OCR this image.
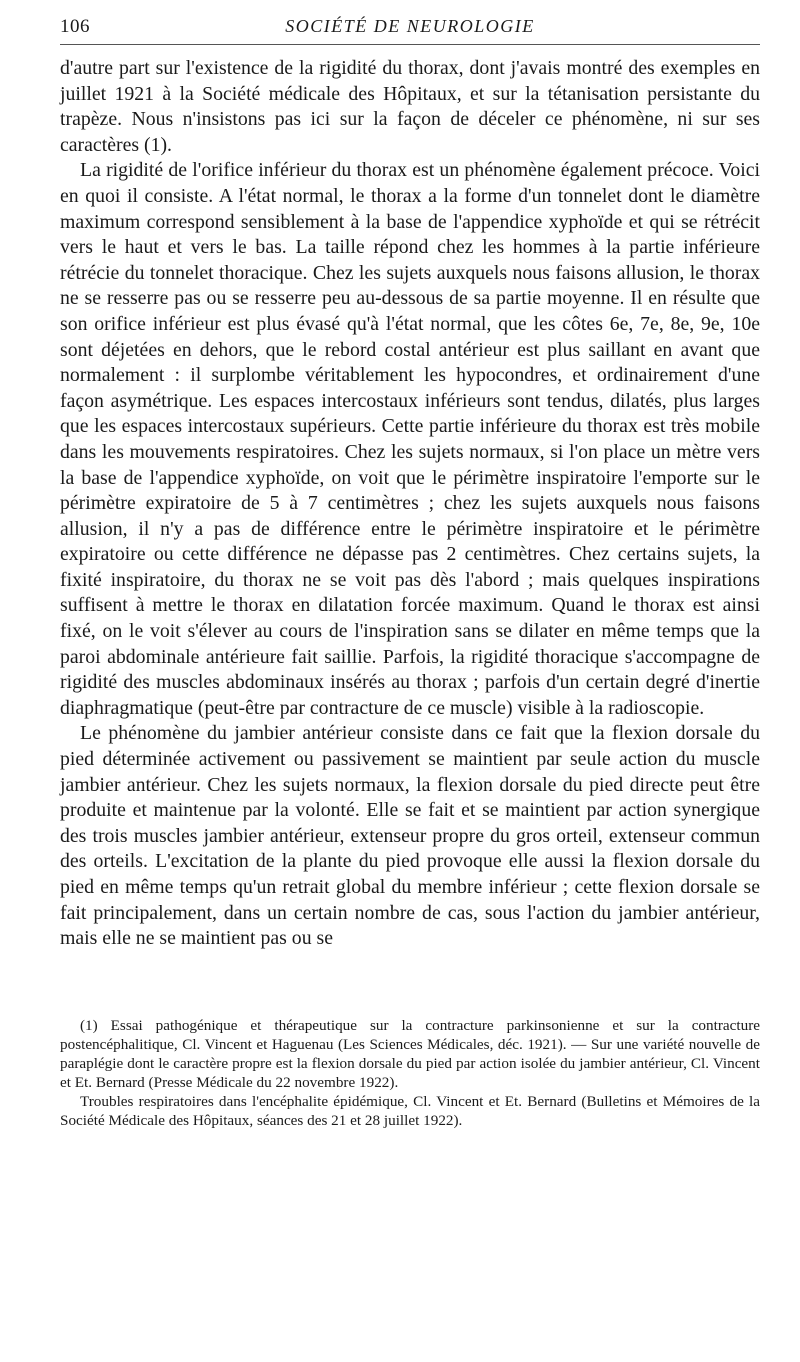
106	SOCIÉTÉ DE NEUROLOGIE

d'autre part sur l'existence de la rigidité du thorax, dont j'avais montré des exemples en juillet 1921 à la Société médicale des Hôpitaux, et sur la tétanisation persistante du trapèze. Nous n'insistons pas ici sur la façon de déceler ce phénomène, ni sur ses caractères (1).

La rigidité de l'orifice inférieur du thorax est un phénomène également précoce. Voici en quoi il consiste. A l'état normal, le thorax a la forme d'un tonnelet dont le diamètre maximum correspond sensiblement à la base de l'appendice xyphoïde et qui se rétrécit vers le haut et vers le bas. La taille répond chez les hommes à la partie inférieure rétrécie du tonnelet thoracique. Chez les sujets auxquels nous faisons allusion, le thorax ne se resserre pas ou se resserre peu au-dessous de sa partie moyenne. Il en résulte que son orifice inférieur est plus évasé qu'à l'état normal, que les côtes 6e, 7e, 8e, 9e, 10e sont déjetées en dehors, que le rebord costal antérieur est plus saillant en avant que normalement : il surplombe véritablement les hypocondres, et ordinairement d'une façon asymétrique. Les espaces intercostaux inférieurs sont tendus, dilatés, plus larges que les espaces intercostaux supérieurs. Cette partie inférieure du thorax est très mobile dans les mouvements respiratoires. Chez les sujets normaux, si l'on place un mètre vers la base de l'appendice xyphoïde, on voit que le périmètre inspiratoire l'emporte sur le périmètre expiratoire de 5 à 7 centimètres ; chez les sujets auxquels nous faisons allusion, il n'y a pas de différence entre le périmètre inspiratoire et le périmètre expiratoire ou cette différence ne dépasse pas 2 centimètres. Chez certains sujets, la fixité inspiratoire, du thorax ne se voit pas dès l'abord ; mais quelques inspirations suffisent à mettre le thorax en dilatation forcée maximum. Quand le thorax est ainsi fixé, on le voit s'élever au cours de l'inspiration sans se dilater en même temps que la paroi abdominale antérieure fait saillie. Parfois, la rigidité thoracique s'accompagne de rigidité des muscles abdominaux insérés au thorax ; parfois d'un certain degré d'inertie diaphragmatique (peut-être par contracture de ce muscle) visible à la radioscopie.

Le phénomène du jambier antérieur consiste dans ce fait que la flexion dorsale du pied déterminée activement ou passivement se maintient par seule action du muscle jambier antérieur. Chez les sujets normaux, la flexion dorsale du pied directe peut être produite et maintenue par la volonté. Elle se fait et se maintient par action synergique des trois muscles jambier antérieur, extenseur propre du gros orteil, extenseur commun des orteils. L'excitation de la plante du pied provoque elle aussi la flexion dorsale du pied en même temps qu'un retrait global du membre inférieur ; cette flexion dorsale se fait principalement, dans un certain nombre de cas, sous l'action du jambier antérieur, mais elle ne se maintient pas ou se

(1) Essai pathogénique et thérapeutique sur la contracture parkinsonienne et sur la contracture postencéphalitique, Cl. Vincent et Haguenau (Les Sciences Médicales, déc. 1921). — Sur une variété nouvelle de paraplégie dont le caractère propre est la flexion dorsale du pied par action isolée du jambier antérieur, Cl. Vincent et Et. Bernard (Presse Médicale du 22 novembre 1922).

Troubles respiratoires dans l'encéphalite épidémique, Cl. Vincent et Et. Bernard (Bulletins et Mémoires de la Société Médicale des Hôpitaux, séances des 21 et 28 juillet 1922).
